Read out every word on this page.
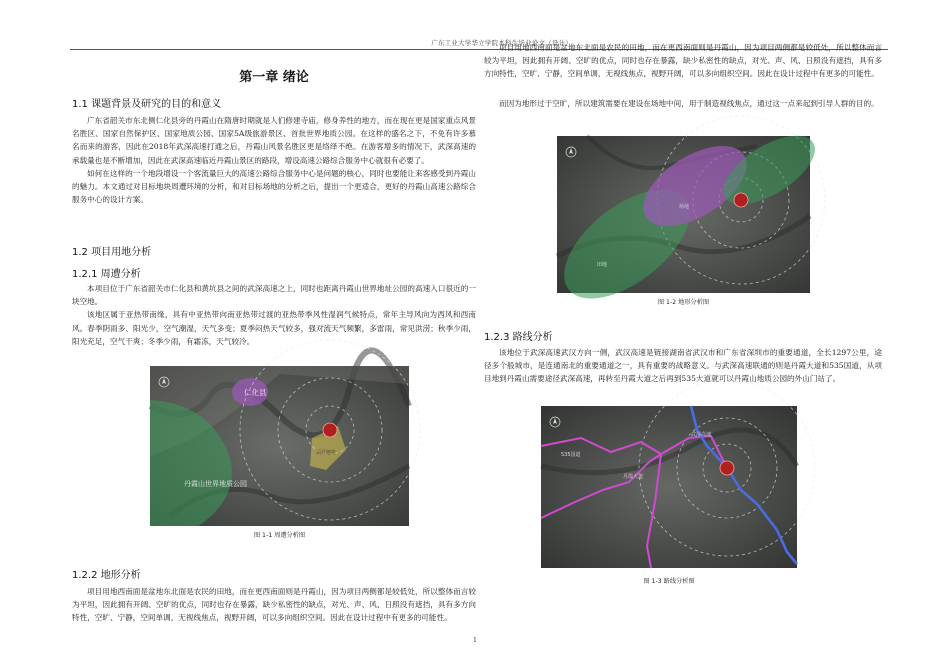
广东工业大学华立学院本科生毕业论文（设计）
第一章 绪论
1.1 课题背景及研究的目的和意义

广东省韶关市东北侧仁化县旁的丹霞山在隋唐时期就是人们修建寺庙，修身养性的地方，而在现在更是国家重点风景名胜区、国家自然保护区、国家地质公园、国家5A级旅游景区、首批世界地质公园。在这样的盛名之下，不免有许多慕名而来的游客，因此在2018年武深高速打通之后，丹霞山风景名胜区更是络绎不绝。在游客增多的情况下，武深高速的承载量也是不断增加，因此在武深高速临近丹霞山景区的路段，增设高速公路综合服务中心就很有必要了。

如何在这样的一个地段增设一个客流量巨大的高速公路综合服务中心是问题的核心，同时也要能让来客感受到丹霞山的魅力。本文通过对目标地块周遭环境的分析，和对目标场地的分析之后，提出一个更适合，更好的丹霞山高速公路综合服务中心的设计方案。

1.2 项目用地分析
1.2.1 周遭分析

本项目位于广东省韶关市仁化县和黄坑县之间的武深高速之上，同时也距离丹霞山世界地址公园的高速入口很近的一块空地。

该地区属于亚热带南缘，具有中亚热带向南亚热带过渡的亚热带季风性湿润气候特点，常年主导风向为西风和西南风。春季阴雨多、阳光少，空气潮湿，天气多变；夏季闷热天气较多，强对流天气频繁，多雷雨，常见洪涝；秋季少雨，阳光充足，空气干爽；冬季少雨，有霜冻，天气较冷。

仁化县
丹霞山世界地质公园
项目地块
图 1-1 周遭分析图
1.2.2 地形分析

项目用地西南面是盆地东北面是农民的田地，而在更西南面则是丹霞山，因为项目两侧都是较低处，所以整体而言较为平坦，因此拥有开阔、空旷的优点，同时也存在暴露，缺少私密性的缺点，对光、声、风、日照没有遮挡，具有多方向特性，空旷、宁静，空间单调，无视线焦点，视野开阔，可以多向组织空间。因此在设计过程中有更多的可能性。

项目用地西南面是盆地东北面是农民的田地，而在更西南面则是丹霞山，因为项目两侧都是较低处，所以整体而言较为平坦，因此拥有开阔、空旷的优点，同时也存在暴露，缺少私密性的缺点，对光、声、风、日照没有遮挡，具有多方向特性，空旷、宁静，空间单调，无视线焦点，视野开阔，可以多向组织空间。因此在设计过程中有更多的可能性。

而因为地形过于空旷，所以建筑需要在建设在场地中间，用于制造视线焦点，通过这一点来起到引导人群的目的。

场地
田地
图 1-2 地形分析图
1.2.3 路线分析

该地位于武深高速武汉方向一侧，武汉高速是链接湖南省武汉市和广东省深圳市的重要通道，全长1297公里，途径多个般城市，是连通南北的重要通道之一，具有重要的战略意义。与武深高速联通的则是丹霞大道和535国道，从项目地到丹霞山需要途径武深高速，再转至丹霞大道之后再到535大道就可以丹霞山地质公园的外山门站了。

535国道
丹霞大道
武深高速
图 1-3 路线分析图
1
